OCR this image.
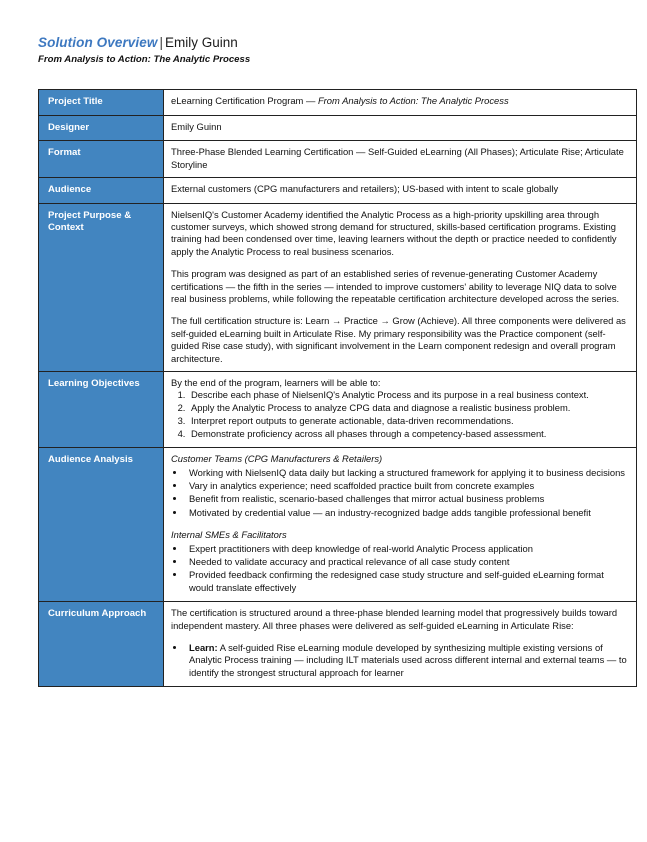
Solution Overview | Emily Guinn
From Analysis to Action: The Analytic Process
Project Title	eLearning Certification Program — From Analysis to Action: The Analytic Process
Designer	Emily Guinn
Format	Three-Phase Blended Learning Certification — Self-Guided eLearning (All Phases); Articulate Rise; Articulate Storyline
Audience	External customers (CPG manufacturers and retailers); US-based with intent to scale globally
Project Purpose & Context	NielsenIQ's Customer Academy identified the Analytic Process as a high-priority upskilling area through customer surveys, which showed strong demand for structured, skills-based certification programs. Existing training had been condensed over time, leaving learners without the depth or practice needed to confidently apply the Analytic Process to real business scenarios.

This program was designed as part of an established series of revenue-generating Customer Academy certifications — the fifth in the series — intended to improve customers' ability to leverage NIQ data to solve real business problems, while following the repeatable certification architecture developed across the series.

The full certification structure is: Learn → Practice → Grow (Achieve). All three components were delivered as self-guided eLearning built in Articulate Rise. My primary responsibility was the Practice component (self-guided Rise case study), with significant involvement in the Learn component redesign and overall program architecture.

Learning Objectives	By the end of the program, learners will be able to:
1. Describe each phase of NielsenIQ's Analytic Process and its purpose in a real business context.
2. Apply the Analytic Process to analyze CPG data and diagnose a realistic business problem.
3. Interpret report outputs to generate actionable, data-driven recommendations.
4. Demonstrate proficiency across all phases through a competency-based assessment.

Audience Analysis	Customer Teams (CPG Manufacturers & Retailers)
• Working with NielsenIQ data daily but lacking a structured framework for applying it to business decisions
• Vary in analytics experience; need scaffolded practice built from concrete examples
• Benefit from realistic, scenario-based challenges that mirror actual business problems
• Motivated by credential value — an industry-recognized badge adds tangible professional benefit
Internal SMEs & Facilitators
• Expert practitioners with deep knowledge of real-world Analytic Process application
• Needed to validate accuracy and practical relevance of all case study content
• Provided feedback confirming the redesigned case study structure and self-guided eLearning format would translate effectively

Curriculum Approach	The certification is structured around a three-phase blended learning model that progressively builds toward independent mastery. All three phases were delivered as self-guided eLearning in Articulate Rise:

• Learn: A self-guided Rise eLearning module developed by synthesizing multiple existing versions of Analytic Process training — including ILT materials used across different internal and external teams — to identify the strongest structural approach for learner
